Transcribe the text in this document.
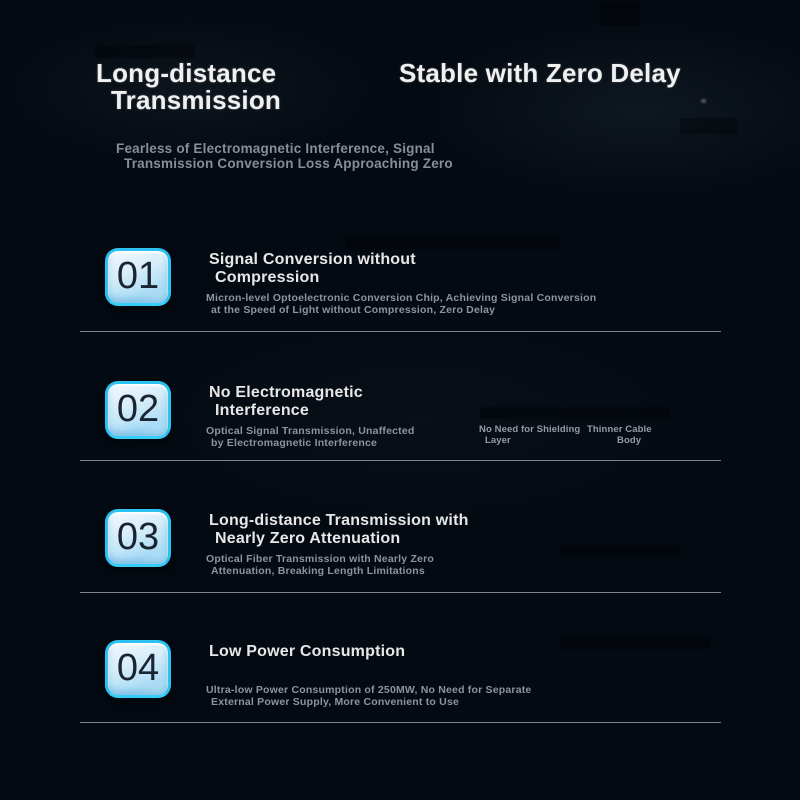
Long-distance
Transmission
Stable with Zero Delay
Fearless of Electromagnetic Interference, Signal
Transmission Conversion Loss Approaching Zero
01	Signal Conversion without
Compression
Micron-level Optoelectronic Conversion Chip, Achieving Signal Conversion
at the Speed of Light without Compression, Zero Delay
02	No Electromagnetic
Interference
Optical Signal Transmission, Unaffected
by Electromagnetic Interference
No Need for Shielding
Layer
Thinner Cable
Body
03	Long-distance Transmission with
Nearly Zero Attenuation
Optical Fiber Transmission with Nearly Zero
Attenuation, Breaking Length Limitations
04	Low Power Consumption
Ultra-low Power Consumption of 250MW, No Need for Separate
External Power Supply, More Convenient to Use
